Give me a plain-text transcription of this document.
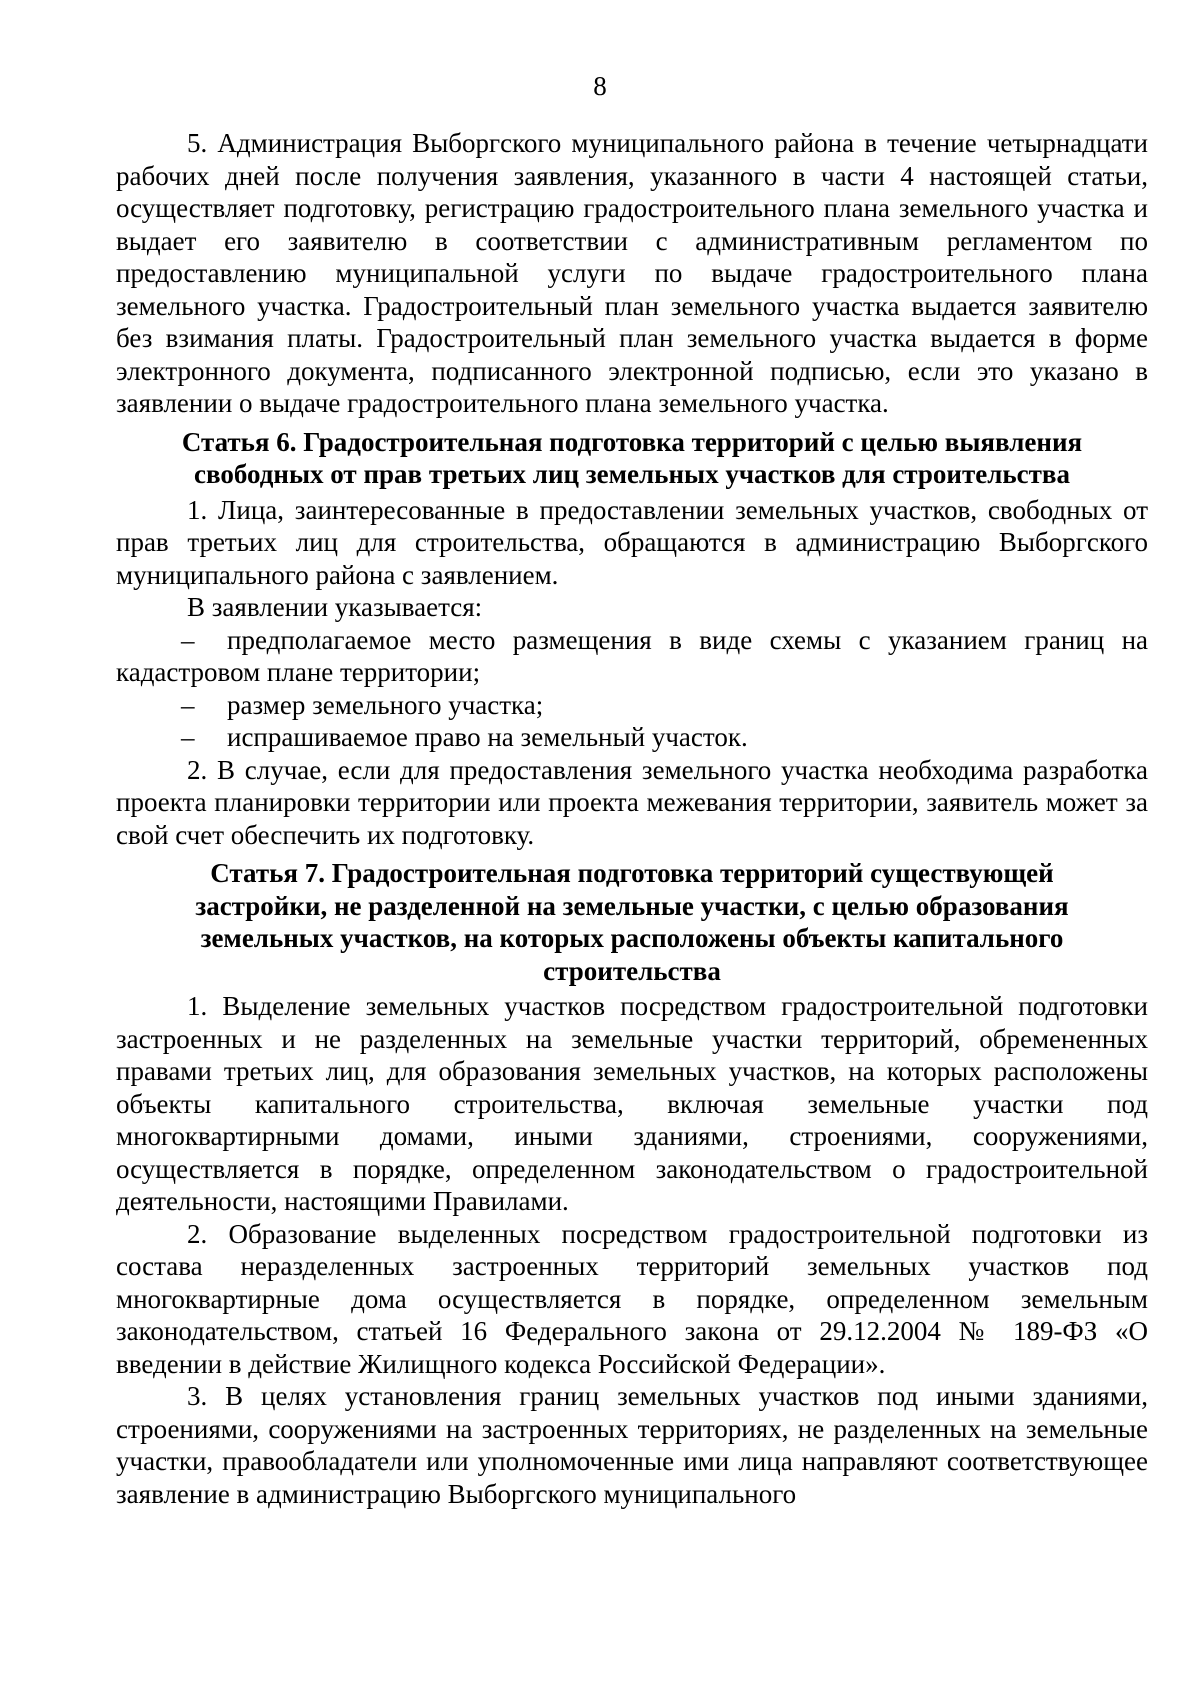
8

5. Администрация Выборгского муниципального района в течение четырнадцати рабочих дней после получения заявления, указанного в части 4 настоящей статьи, осуществляет подготовку, регистрацию градостроительного плана земельного участка и выдает его заявителю в соответствии с административным регламентом по предоставлению муниципальной услуги по выдаче градостроительного плана земельного участка. Градостроительный план земельного участка выдается заявителю без взимания платы. Градостроительный план земельного участка выдается в форме электронного документа, подписанного электронной подписью, если это указано в заявлении о выдаче градостроительного плана земельного участка.

Статья 6. Градостроительная подготовка территорий с целью выявления
свободных от прав третьих лиц земельных участков для строительства

1. Лица, заинтересованные в предоставлении земельных участков, свободных от прав третьих лиц для строительства, обращаются в администрацию Выборгского муниципального района с заявлением.

В заявлении указывается:

– предполагаемое место размещения в виде схемы с указанием границ на кадастровом плане территории;

– размер земельного участка;

– испрашиваемое право на земельный участок.

2. В случае, если для предоставления земельного участка необходима разработка проекта планировки территории или проекта межевания территории, заявитель может за свой счет обеспечить их подготовку.

Статья 7. Градостроительная подготовка территорий существующей
застройки, не разделенной на земельные участки, с целью образования
земельных участков, на которых расположены объекты капитального
строительства

1. Выделение земельных участков посредством градостроительной подготовки застроенных и не разделенных на земельные участки территорий, обремененных правами третьих лиц, для образования земельных участков, на которых расположены объекты капитального строительства, включая земельные участки под многоквартирными домами, иными зданиями, строениями, сооружениями, осуществляется в порядке, определенном законодательством о градостроительной деятельности, настоящими Правилами.

2. Образование выделенных посредством градостроительной подготовки из состава неразделенных застроенных территорий земельных участков под многоквартирные дома осуществляется в порядке, определенном земельным законодательством, статьей 16 Федерального закона от 29.12.2004 № 189-ФЗ «О введении в действие Жилищного кодекса Российской Федерации».

3. В целях установления границ земельных участков под иными зданиями, строениями, сооружениями на застроенных территориях, не разделенных на земельные участки, правообладатели или уполномоченные ими лица направляют соответствующее заявление в администрацию Выборгского муниципального
